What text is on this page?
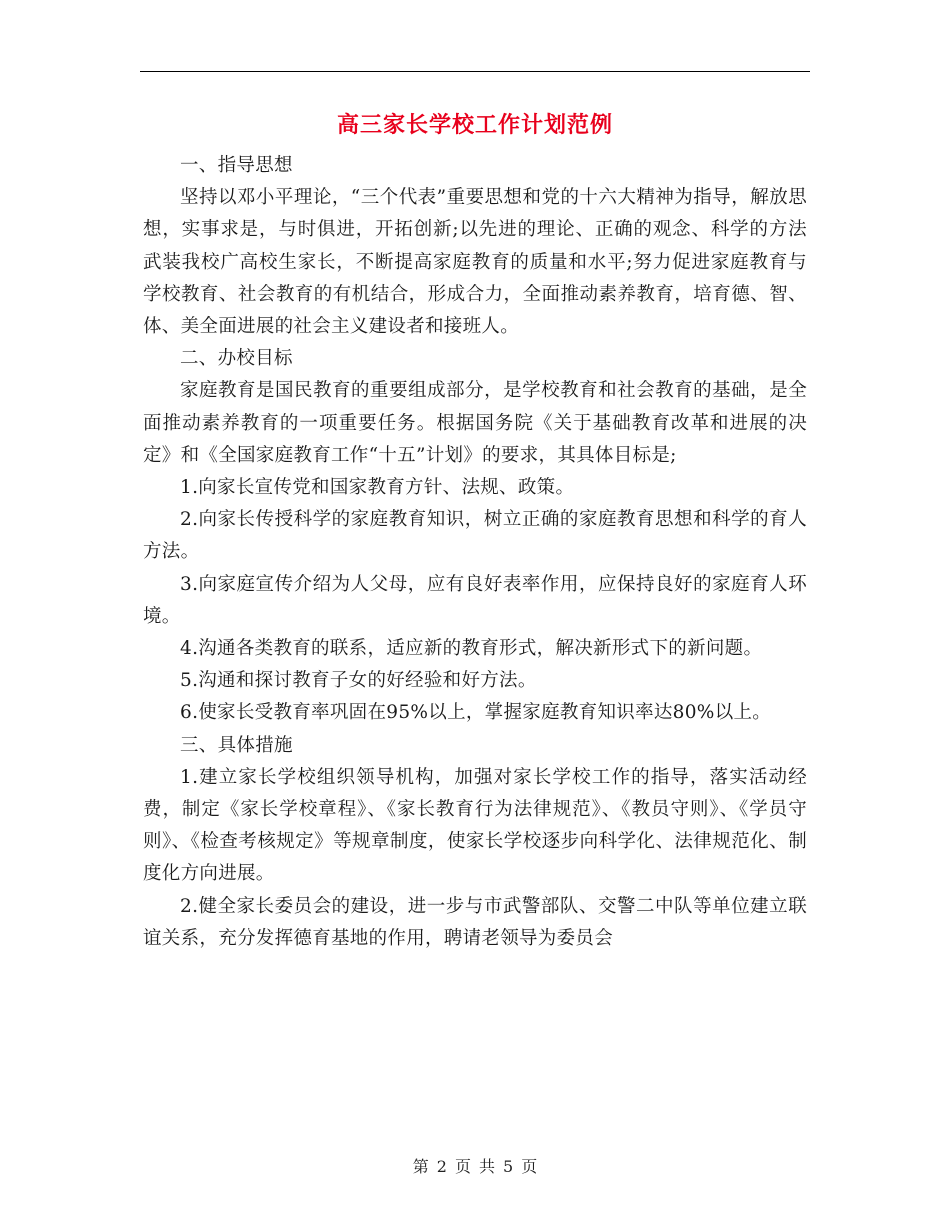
高三家长学校工作计划范例

一、指导思想

坚持以邓小平理论，“三个代表”重要思想和党的十六大精神为指导，解放思想，实事求是，与时俱进，开拓创新;以先进的理论、正确的观念、科学的方法武装我校广高校生家长，不断提高家庭教育的质量和水平;努力促进家庭教育与学校教育、社会教育的有机结合，形成合力，全面推动素养教育，培育德、智、体、美全面进展的社会主义建设者和接班人。

二、办校目标

家庭教育是国民教育的重要组成部分，是学校教育和社会教育的基础，是全面推动素养教育的一项重要任务。根据国务院《关于基础教育改革和进展的决定》和《全国家庭教育工作“十五”计划》的要求，其具体目标是;

1.向家长宣传党和国家教育方针、法规、政策。

2.向家长传授科学的家庭教育知识，树立正确的家庭教育思想和科学的育人方法。

3.向家庭宣传介绍为人父母，应有良好表率作用，应保持良好的家庭育人环境。

4.沟通各类教育的联系，适应新的教育形式，解决新形式下的新问题。

5.沟通和探讨教育子女的好经验和好方法。

6.使家长受教育率巩固在95%以上，掌握家庭教育知识率达80%以上。

三、具体措施

1.建立家长学校组织领导机构，加强对家长学校工作的指导，落实活动经费，制定《家长学校章程》、《家长教育行为法律规范》、《教员守则》、《学员守则》、《检查考核规定》等规章制度，使家长学校逐步向科学化、法律规范化、制度化方向进展。

2.健全家长委员会的建设，进一步与市武警部队、交警二中队等单位建立联谊关系，充分发挥德育基地的作用，聘请老领导为委员会

第 2 页 共 5 页
